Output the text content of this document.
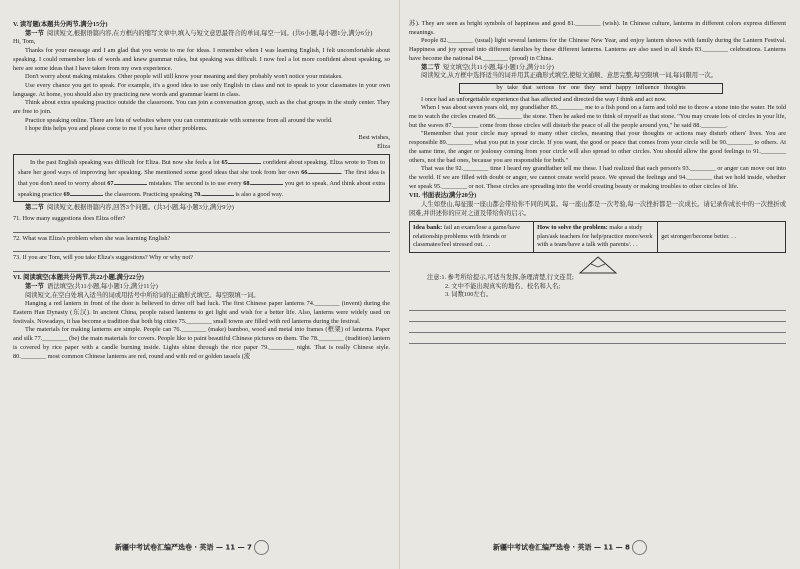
V. 读写题(本题共分两节,满分15分)

第一节 阅读短文,根据语篇内容,在方框内的缩写文章中,填入与短文意思最符合的单词,每空一词。(共6小题,每小题1分,满分6分)

Hi, Tom,

Thanks for your message and I am glad that you wrote to me for ideas. I remember when I was learning English, I felt uncomfortable about speaking. I could remember lots of words and knew grammar rules, but speaking was difficult. I now feel a lot more confident about speaking, so here are some ideas that I have taken from my own experience.

Don't worry about making mistakes. Other people will still know your meaning and they probably won't notice your mistakes.

Use every chance you get to speak. For example, it's a good idea to use only English in class and not to speak to your classmates in your own language. At home, you should also try practicing new words and grammar learnt in class.

Think about extra speaking practice outside the classroom. You can join a conversation group, such as the chat groups in the study center. They are free to join.

Practice speaking online. There are lots of websites where you can communicate with someone from all around the world.

I hope this helps you and please come to me if you have other problems.

Best wishes,

Eliza

In the past English speaking was difficult for Eliza. But now she feels a lot 65.	confident about speaking. Eliza wrote to Tom to share her good ways of improving her speaking. She mentioned some good ideas that she took from her own 66.	. The first idea is that you don't need to worry about 67.	mistakes. The second is to use every 68.	you get to speak. And think about extra speaking practice 69.	the classroom. Practicing speaking 70.	is also a good way.

第二节 阅读短文,根据语篇内容,回答3个问题。(共3小题,每小题3分,满分9分)

71. How many suggestions does Eliza offer?

72. What was Eliza's problem when she was learning English?

73. If you are Tom, will you take Eliza's suggestions? Why or why not?

VI. 阅读填空(本题共分两节,共22小题,满分22分)

第一节 语法填空(共11小题,每小题1分,满分11分)

阅读短文,在空白处填入适当的词或用括号中所给词的正确形式填空。每空限填一词。

Hanging a red lantern in front of the door is believed to drive off bad luck. The first Chinese paper lanterns 74.________ (invent) during the Eastern Han Dynasty (东汉). In ancient China, people raised lanterns to get light and wish for a better life. Also, lanterns were widely used on festivals. Nowadays, it has become a tradition that both big cities 75.________ small towns are filled with red lanterns during the festival.

The materials for making lanterns are simple. People can 76.________ (make) bamboo, wood and metal into frames (框架) of lanterns. Paper and silk 77.________ (be) the main materials for covers. People like to paint beautiful Chinese pictures on them. The 78.________ (tradition) lantern is covered by rice paper with a candle burning inside. Lights shine through the rice paper 79.________ night. That is really Chinese style. 80.________ most common Chinese lanterns are red, round and with red or golden tassels (流

苏). They are seen as bright symbols of happiness and good 81.________ (wish). In Chinese culture, lanterns in different colors express different meanings.

People 82.________ (usual) light several lanterns for the Chinese New Year, and enjoy lantern shows with family during the Lantern Festival. Happiness and joy spread into different families by these different lanterns. Lanterns are also used in all kinds 83.________ celebrations. Lanterns have become the national 84.________ (proud) in China.

第二节 短文填空(共11小题,每小题1分,满分11分)

阅读短文,从方框中选择适当的词并用其正确形式填空,使短文通顺、意思完整,每空限填一词,每词限用一次。

by take that serious for one they send happy influence thoughts

I once had an unforgettable experience that has affected and directed the way I think and act now.

When I was about seven years old, my grandfather 85.________ me to a fish pond on a farm and told me to throw a stone into the water. He told me to watch the circles created 86.________ the stone. Then he asked me to think of myself as that stone. "You may create lots of circles in your life, but the waves 87.________ come from those circles will disturb the peace of all the people around you," he said 88.________.

"Remember that your circle may spread to many other circles, meaning that your thoughts or actions may disturb others' lives. You are responsible 89.________ what you put in your circle. If you want, the good or peace that comes from your circle will be 90.________ to others. At the same time, the anger or jealousy coming from your circle will also spread to other circles. You should allow the good feelings to 91.________ others, not the bad ones, because you are responsible for both."

That was the 92.________ time I heard my grandfather tell me these. I had realized that each person's 93.________ or anger can move out into the world. If we are filled with doubt or anger, we cannot create world peace. We spread the feelings and 94.________ that we hold inside, whether we speak 95.________ or not. These circles are spreading into the world creating beauty or making troubles to other circles of life.

VII. 书面表达(满分20分)

人生如登山,每征服一座山都会带给你不同的风景。每一座山都是一次考验,每一次挫折都是一次成长。请记录你成长中的一次挫折或困难,并讲述你的应对之道及带给你的启示。

Idea bank: fail an exam/lose a game/have relationship problems with friends or classmates/feel stressed out. . .	How to solve the problem: make a study plan/ask teachers for help/practice more/work with a team/have a talk with parents/. . .	get stronger/become better. . .

注意:1. 参考所给提示,可适当发挥,条理清楚,行文连贯;

2. 文中不能出现真实的地名、校名和人名;

3. 词数100左右。

新疆中考试卷汇编严选卷 · 英语 — 11 — 7	新疆中考试卷汇编严选卷 · 英语 — 11 — 8
